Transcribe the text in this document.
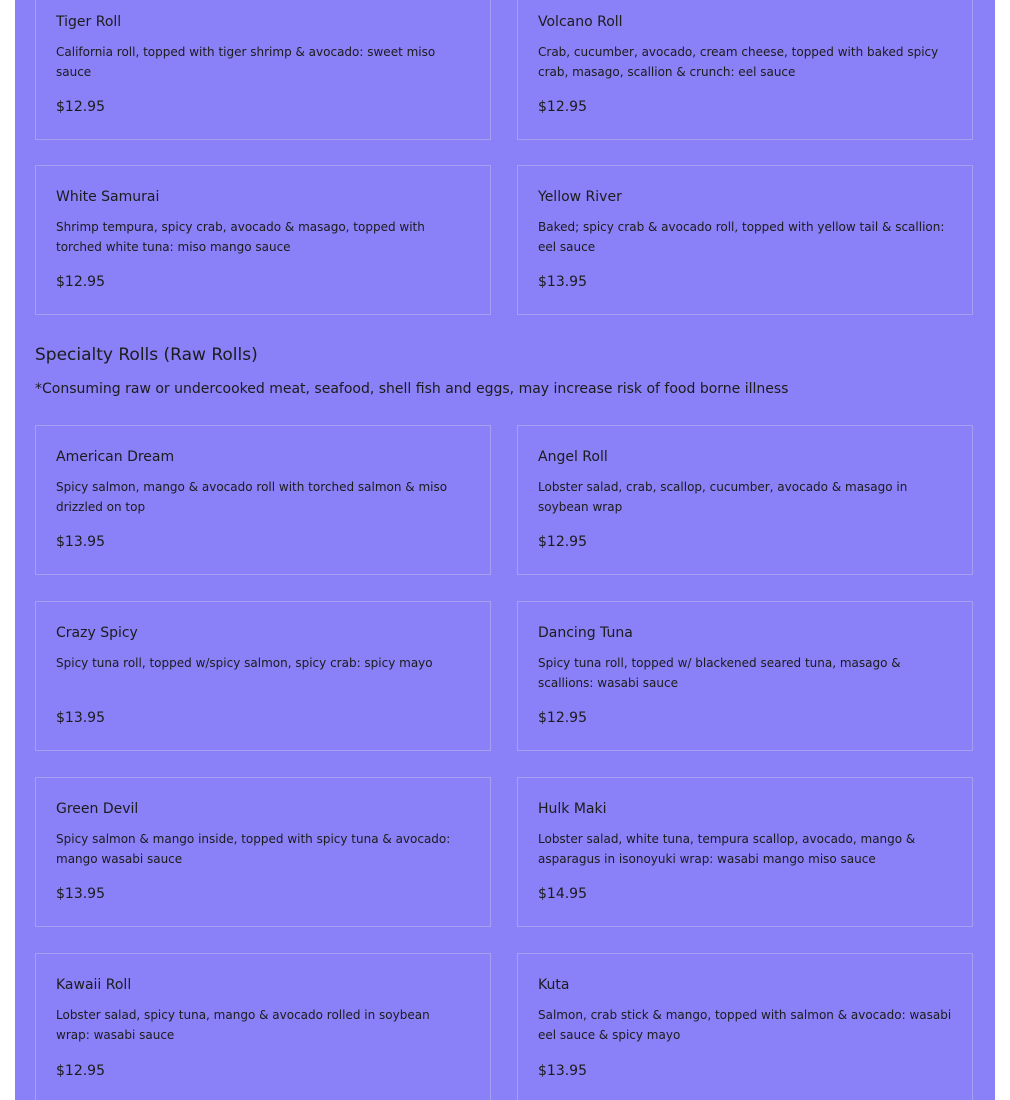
Tiger Roll

California roll, topped with tiger shrimp & avocado: sweet miso sauce

$12.95

Volcano Roll

Crab, cucumber, avocado, cream cheese, topped with baked spicy crab, masago, scallion & crunch: eel sauce

$12.95

White Samurai

Shrimp tempura, spicy crab, avocado & masago, topped with torched white tuna: miso mango sauce

$12.95

Yellow River

Baked; spicy crab & avocado roll, topped with yellow tail & scallion: eel sauce

$13.95

Specialty Rolls (Raw Rolls)

*Consuming raw or undercooked meat, seafood, shell fish and eggs, may increase risk of food borne illness

American Dream

Spicy salmon, mango & avocado roll with torched salmon & miso drizzled on top

$13.95

Angel Roll

Lobster salad, crab, scallop, cucumber, avocado & masago in soybean wrap

$12.95

Crazy Spicy

Spicy tuna roll, topped w/spicy salmon, spicy crab: spicy mayo

$13.95

Dancing Tuna

Spicy tuna roll, topped w/ blackened seared tuna, masago & scallions: wasabi sauce

$12.95

Green Devil

Spicy salmon & mango inside, topped with spicy tuna & avocado: mango wasabi sauce

$13.95

Hulk Maki

Lobster salad, white tuna, tempura scallop, avocado, mango & asparagus in isonoyuki wrap: wasabi mango miso sauce

$14.95

Kawaii Roll

Lobster salad, spicy tuna, mango & avocado rolled in soybean wrap: wasabi sauce

$12.95

Kuta

Salmon, crab stick & mango, topped with salmon & avocado: wasabi eel sauce & spicy mayo

$13.95
